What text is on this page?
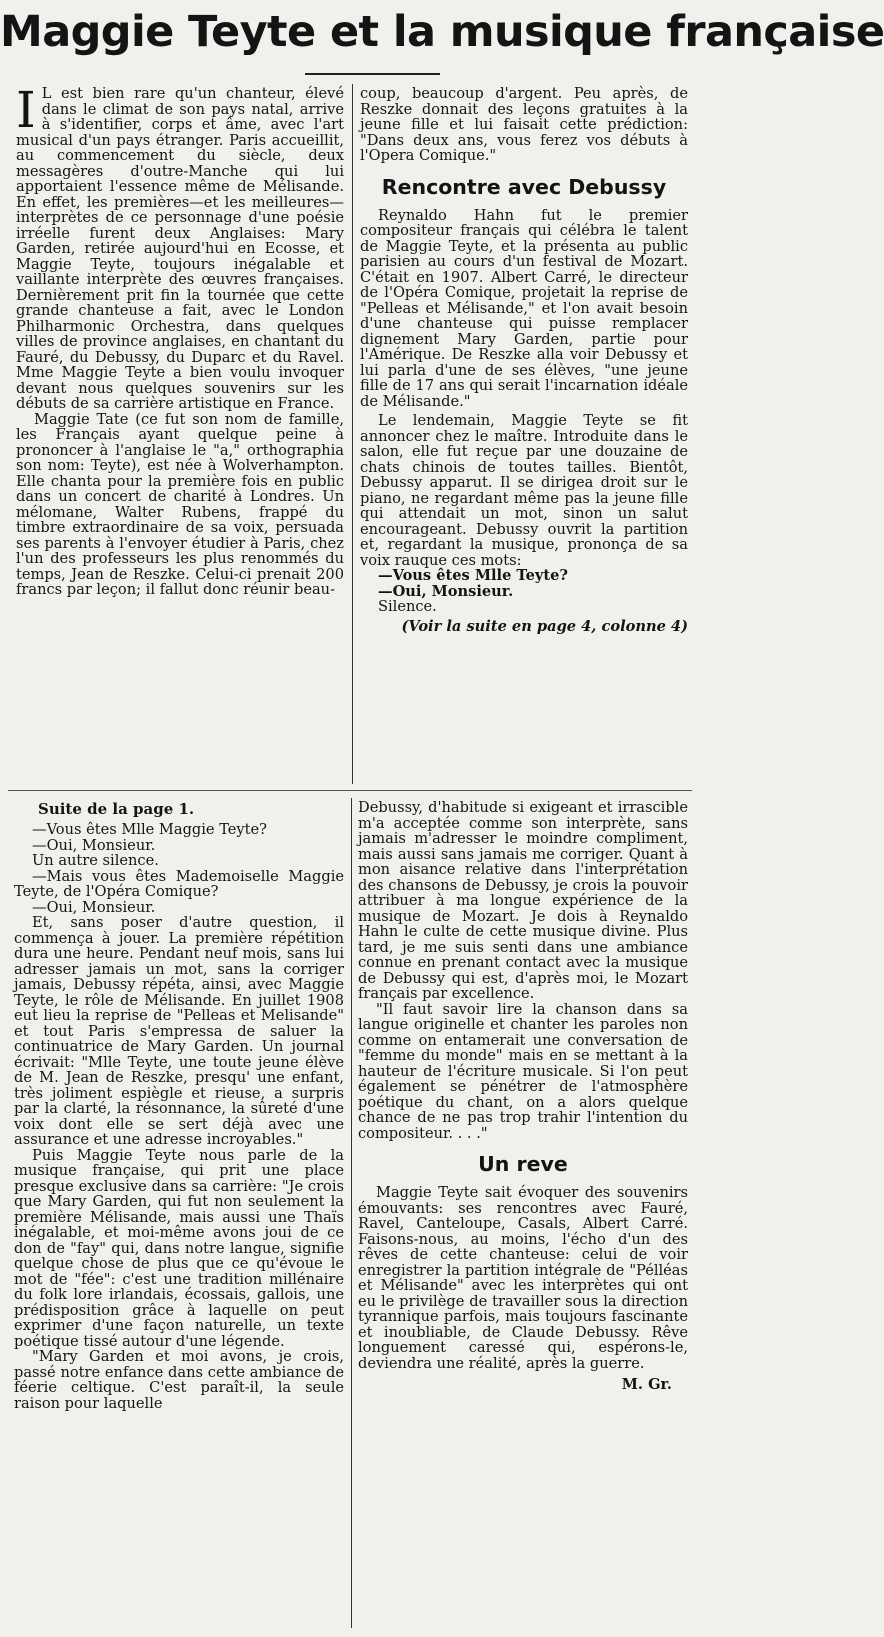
Maggie Teyte et la musique française
I L est bien rare qu'un chanteur, élevé dans le climat de son pays natal, arrive à s'identifier, corps et âme, avec l'art musical d'un pays étranger. Paris accueillit, au commencement du siècle, deux messagères d'outre-Manche qui lui apportaient l'essence même de Mélisande. En effet, les premières—et les meilleures—interprètes de ce personnage d'une poésie irréelle furent deux Anglaises: Mary Garden, retirée aujourd'hui en Ecosse, et Maggie Teyte, toujours inégalable et vaillante interprète des œuvres françaises. Dernièrement prit fin la tournée que cette grande chanteuse a fait, avec le London Philharmonic Orchestra, dans quelques villes de province anglaises, en chantant du Fauré, du Debussy, du Duparc et du Ravel. Mme Maggie Teyte a bien voulu invoquer devant nous quelques souvenirs sur les débuts de sa carrière artistique en France.

Maggie Tate (ce fut son nom de famille, les Français ayant quelque peine à prononcer à l'anglaise le "a," orthographia son nom: Teyte), est née à Wolverhampton. Elle chanta pour la première fois en public dans un concert de charité à Londres. Un mélomane, Walter Rubens, frappé du timbre extraordinaire de sa voix, persuada ses parents à l'envoyer étudier à Paris, chez l'un des professeurs les plus renommés du temps, Jean de Reszke. Celui-ci prenait 200 francs par leçon; il fallut donc réunir beau-

coup, beaucoup d'argent. Peu après, de Reszke donnait des leçons gratuites à la jeune fille et lui faisait cette prédiction: "Dans deux ans, vous ferez vos débuts à l'Opera Comique."

Rencontre avec Debussy

Reynaldo Hahn fut le premier compositeur français qui célébra le talent de Maggie Teyte, et la présenta au public parisien au cours d'un festival de Mozart. C'était en 1907. Albert Carré, le directeur de l'Opéra Comique, projetait la reprise de "Pelleas et Mélisande," et l'on avait besoin d'une chanteuse qui puisse remplacer dignement Mary Garden, partie pour l'Amérique. De Reszke alla voir Debussy et lui parla d'une de ses élèves, "une jeune fille de 17 ans qui serait l'incarnation idéale de Mélisande."

Le lendemain, Maggie Teyte se fit annoncer chez le maître. Introduite dans le salon, elle fut reçue par une douzaine de chats chinois de toutes tailles. Bientôt, Debussy apparut. Il se dirigea droit sur le piano, ne regardant même pas la jeune fille qui attendait un mot, sinon un salut encourageant. Debussy ouvrit la partition et, regardant la musique, prononça de sa voix rauque ces mots:

—Vous êtes Mlle Teyte?

—Oui, Monsieur.

Silence.

(Voir la suite en page 4, colonne 4)

Suite de la page 1.

—Vous êtes Mlle Maggie Teyte?

—Oui, Monsieur.

Un autre silence.

—Mais vous êtes Mademoiselle Maggie Teyte, de l'Opéra Comique?

—Oui, Monsieur.

Et, sans poser d'autre question, il commença à jouer. La première répétition dura une heure. Pendant neuf mois, sans lui adresser jamais un mot, sans la corriger jamais, Debussy répéta, ainsi, avec Maggie Teyte, le rôle de Mélisande. En juillet 1908 eut lieu la reprise de "Pelleas et Melisande" et tout Paris s'empressa de saluer la continuatrice de Mary Garden. Un journal écrivait: "Mlle Teyte, une toute jeune élève de M. Jean de Reszke, presqu' une enfant, très joliment espiègle et rieuse, a surpris par la clarté, la résonnance, la sûreté d'une voix dont elle se sert déjà avec une assurance et une adresse incroyables."

Puis Maggie Teyte nous parle de la musique française, qui prit une place presque exclusive dans sa carrière: "Je crois que Mary Garden, qui fut non seulement la première Mélisande, mais aussi une Thaïs inégalable, et moi-même avons joui de ce don de "fay" qui, dans notre langue, signifie quelque chose de plus que ce qu'évoue le mot de "fée": c'est une tradition millénaire du folk lore irlandais, écossais, gallois, une prédisposition grâce à laquelle on peut exprimer d'une façon naturelle, un texte poétique tissé autour d'une légende.

"Mary Garden et moi avons, je crois, passé notre enfance dans cette ambiance de féerie celtique. C'est paraît-il, la seule raison pour laquelle

Debussy, d'habitude si exigeant et irrascible m'a acceptée comme son interprète, sans jamais m'adresser le moindre compliment, mais aussi sans jamais me corriger. Quant à mon aisance relative dans l'interprétation des chansons de Debussy, je crois la pouvoir attribuer à ma longue expérience de la musique de Mozart. Je dois à Reynaldo Hahn le culte de cette musique divine. Plus tard, je me suis senti dans une ambiance connue en prenant contact avec la musique de Debussy qui est, d'après moi, le Mozart français par excellence.

"Il faut savoir lire la chanson dans sa langue originelle et chanter les paroles non comme on entamerait une conversation de "femme du monde" mais en se mettant à la hauteur de l'écriture musicale. Si l'on peut également se pénétrer de l'atmosphère poétique du chant, on a alors quelque chance de ne pas trop trahir l'intention du compositeur. . . ."

Un reve

Maggie Teyte sait évoquer des souvenirs émouvants: ses rencontres avec Fauré, Ravel, Canteloupe, Casals, Albert Carré. Faisons-nous, au moins, l'écho d'un des rêves de cette chanteuse: celui de voir enregistrer la partition intégrale de "Pélléas et Mélisande" avec les interprètes qui ont eu le privilège de travailler sous la direction tyrannique parfois, mais toujours fascinante et inoubliable, de Claude Debussy. Rêve longuement caressé qui, espérons-le, deviendra une réalité, après la guerre.

M. Gr.
